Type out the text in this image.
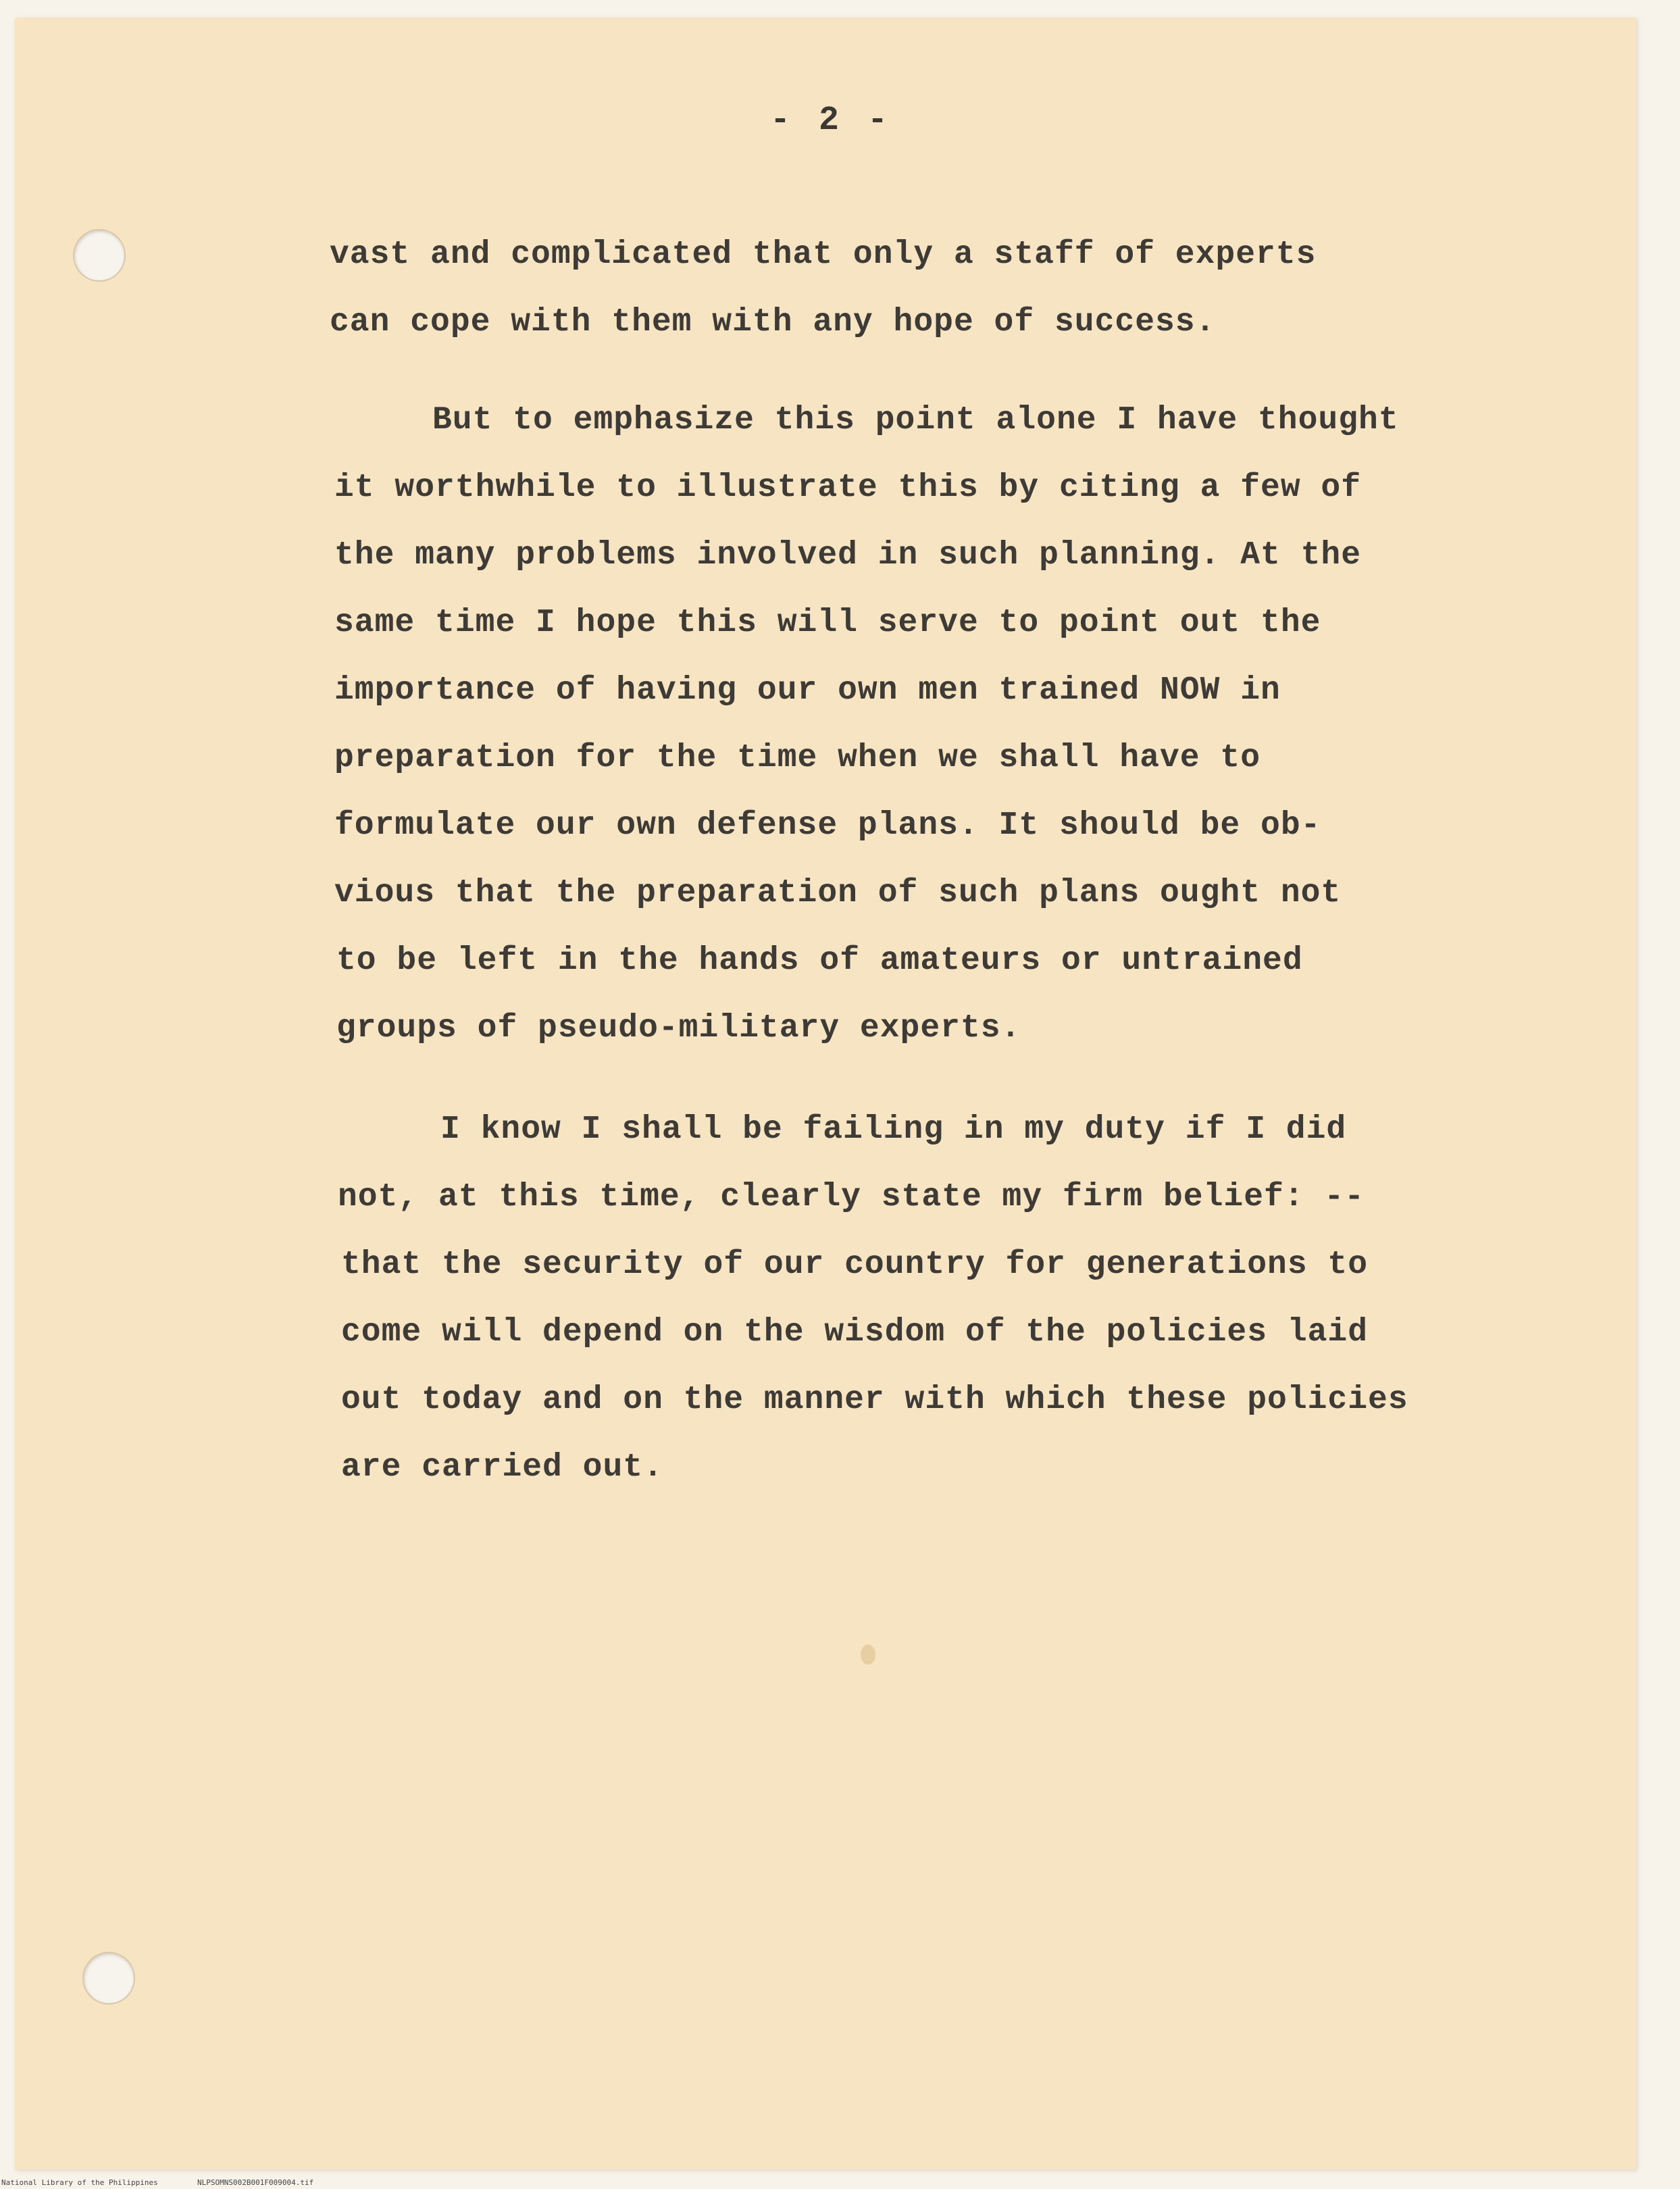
- 2 -
vast and complicated that only a staff of experts
can cope with them with any hope of success.
But to emphasize this point alone I have thought
it worthwhile to illustrate this by citing a few of
the many problems involved in such planning. At the
same time I hope this will serve to point out the
importance of having our own men trained NOW in
preparation for the time when we shall have to
formulate our own defense plans. It should be ob-
vious that the preparation of such plans ought not
to be left in the hands of amateurs or untrained
groups of pseudo-military experts.
I know I shall be failing in my duty if I did
not, at this time, clearly state my firm belief: --
that the security of our country for generations to
come will depend on the wisdom of the policies laid
out today and on the manner with which these policies
are carried out.
National Library of the Philippines	NLPSOMNS002B001F009004.tif
